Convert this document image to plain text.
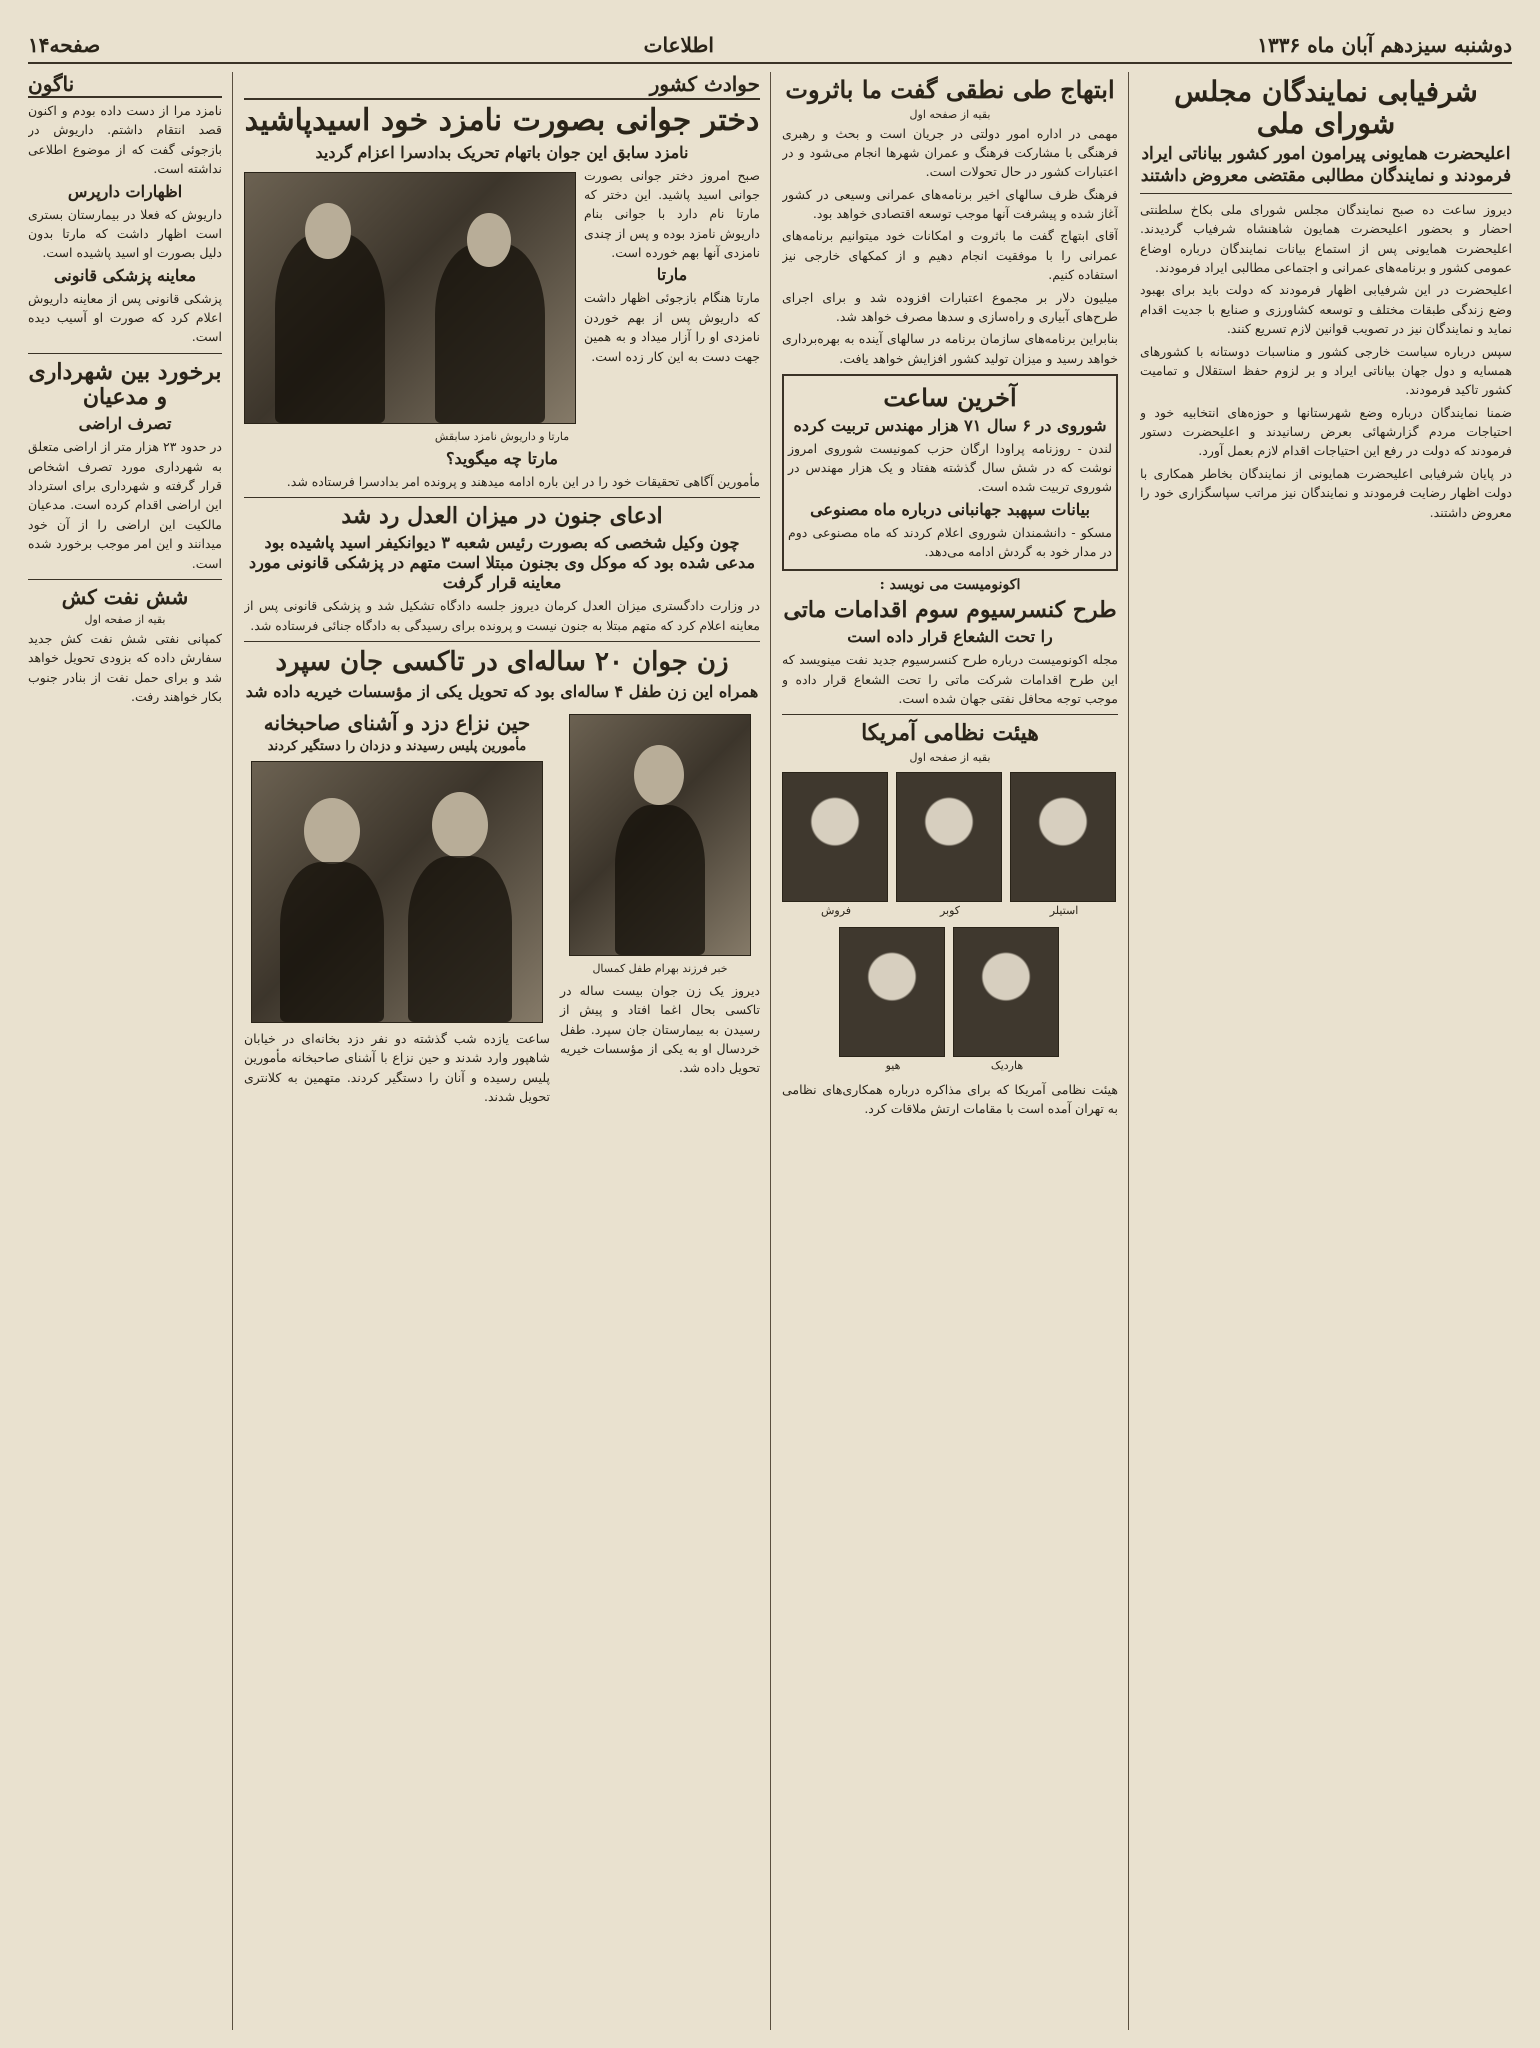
صفحه۱۴	اطلاعات	دوشنبه سیزدهم آبان ماه ۱۳۳۶
شرفیابی نمایندگان مجلس شورای ملی
اعلیحضرت همایونی پیرامون امور کشور بیاناتی ایراد فرمودند و نمایندگان مطالبی مقتضی معروض داشتند

دیروز ساعت ده صبح نمایندگان مجلس شورای ملی بکاخ سلطنتی احضار و بحضور اعلیحضرت همایون شاهنشاه شرفیاب گردیدند. اعلیحضرت همایونی پس از استماع بیانات نمایندگان درباره اوضاع عمومی کشور و برنامه‌های عمرانی و اجتماعی مطالبی ایراد فرمودند.

اعلیحضرت در این شرفیابی اظهار فرمودند که دولت باید برای بهبود وضع زندگی طبقات مختلف و توسعه کشاورزی و صنایع با جدیت اقدام نماید و نمایندگان نیز در تصویب قوانین لازم تسریع کنند.

سپس درباره سیاست خارجی کشور و مناسبات دوستانه با کشورهای همسایه و دول جهان بیاناتی ایراد و بر لزوم حفظ استقلال و تمامیت کشور تاکید فرمودند.

ضمنا نمایندگان درباره وضع شهرستانها و حوزه‌های انتخابیه خود و احتیاجات مردم گزارشهائی بعرض رسانیدند و اعلیحضرت دستور فرمودند که دولت در رفع این احتیاجات اقدام لازم بعمل آورد.

در پایان شرفیابی اعلیحضرت همایونی از نمایندگان بخاطر همکاری با دولت اظهار رضایت فرمودند و نمایندگان نیز مراتب سپاسگزاری خود را معروض داشتند.

ابتهاج طی نطقی گفت ما باثروت
بقیه از صفحه اول

مهمی در اداره امور دولتی در جریان است و بحث و رهبری فرهنگی با مشارکت فرهنگ و عمران شهرها انجام می‌شود و در اعتبارات کشور در حال تحولات است.

فرهنگ ظرف سالهای اخیر برنامه‌های عمرانی وسیعی در کشور آغاز شده و پیشرفت آنها موجب توسعه اقتصادی خواهد بود.

آقای ابتهاج گفت ما باثروت و امکانات خود میتوانیم برنامه‌های عمرانی را با موفقیت انجام دهیم و از کمکهای خارجی نیز استفاده کنیم.

میلیون دلار بر مجموع اعتبارات افزوده شد و برای اجرای طرح‌های آبیاری و راه‌سازی و سدها مصرف خواهد شد.

بنابراین برنامه‌های سازمان برنامه در سالهای آینده به بهره‌برداری خواهد رسید و میزان تولید کشور افزایش خواهد یافت.

آخرین ساعت
شوروی در ۶ سال ۷۱ هزار مهندس تربیت کرده

لندن - روزنامه پراودا ارگان حزب کمونیست شوروی امروز نوشت که در شش سال گذشته هفتاد و یک هزار مهندس در شوروی تربیت شده است.

بیانات سپهبد جهانبانی درباره ماه مصنوعی

مسکو - دانشمندان شوروی اعلام کردند که ماه مصنوعی دوم در مدار خود به گردش ادامه می‌دهد.

اکونومیست می نویسد :
طرح کنسرسیوم سوم اقدامات ماتی
را تحت الشعاع قرار داده است

مجله اکونومیست درباره طرح کنسرسیوم جدید نفت مینویسد که این طرح اقدامات شرکت ماتی را تحت الشعاع قرار داده و موجب توجه محافل نفتی جهان شده است.

هیئت نظامی آمریکا
بقیه از صفحه اول
استیلر
کوبر
فروش
هاردیک
هیو

هیئت نظامی آمریکا که برای مذاکره درباره همکاری‌های نظامی به تهران آمده است با مقامات ارتش ملاقات کرد.

حوادث کشور
دختر جوانی بصورت نامزد خود اسیدپاشید
نامزد سابق این جوان باتهام تحریک بدادسرا اعزام گردید

صبح امروز دختر جوانی بصورت جوانی اسید پاشید. این دختر که مارتا نام دارد با جوانی بنام داریوش نامزد بوده و پس از چندی نامزدی آنها بهم خورده است.

مارتا

مارتا هنگام بازجوئی اظهار داشت که داریوش پس از بهم خوردن نامزدی او را آزار میداد و به همین جهت دست به این کار زده است.

مارتا و داریوش نامزد سابقش
مارتا چه میگوید؟

مأمورین آگاهی تحقیقات خود را در این باره ادامه میدهند و پرونده امر بدادسرا فرستاده شد.

ادعای جنون در میزان العدل رد شد
چون وکیل شخصی که بصورت رئیس شعبه ۳ دیوانکیفر اسید پاشیده بود مدعی شده بود که موکل وی بجنون مبتلا است متهم در پزشکی قانونی مورد معاینه قرار گرفت

در وزارت دادگستری میزان العدل کرمان دیروز جلسه دادگاه تشکیل شد و پزشکی قانونی پس از معاینه اعلام کرد که متهم مبتلا به جنون نیست و پرونده برای رسیدگی به دادگاه جنائی فرستاده شد.

زن جوان ۲۰ ساله‌ای در تاکسی جان سپرد
همراه این زن طفل ۴ ساله‌ای بود که تحویل یکی از مؤسسات خیریه داده شد
خبر فرزند بهرام طفل کمسال

دیروز یک زن جوان بیست ساله در تاکسی بحال اغما افتاد و پیش از رسیدن به بیمارستان جان سپرد. طفل خردسال او به یکی از مؤسسات خیریه تحویل داده شد.

حین نزاع دزد و آشنای صاحبخانه
مأمورین پلیس رسیدند و دزدان را دستگیر کردند

ساعت یازده شب گذشته دو نفر دزد بخانه‌ای در خیابان شاهپور وارد شدند و حین نزاع با آشنای صاحبخانه مأمورین پلیس رسیده و آنان را دستگیر کردند. متهمین به کلانتری تحویل شدند.

ناگون

نامزد مرا از دست داده بودم و اکنون قصد انتقام داشتم. داریوش در بازجوئی گفت که از موضوع اطلاعی نداشته است.

اظهارات دارپرس

داریوش که فعلا در بیمارستان بستری است اظهار داشت که مارتا بدون دلیل بصورت او اسید پاشیده است.

معاینه پزشکی قانونی

پزشکی قانونی پس از معاینه داریوش اعلام کرد که صورت او آسیب دیده است.

برخورد بین شهرداری و مدعیان
تصرف اراضی

در حدود ۲۳ هزار متر از اراضی متعلق به شهرداری مورد تصرف اشخاص قرار گرفته و شهرداری برای استرداد این اراضی اقدام کرده است. مدعیان مالکیت این اراضی را از آن خود میدانند و این امر موجب برخورد شده است.

شش نفت کش
بقیه از صفحه اول

کمپانی نفتی شش نفت کش جدید سفارش داده که بزودی تحویل خواهد شد و برای حمل نفت از بنادر جنوب بکار خواهند رفت.
